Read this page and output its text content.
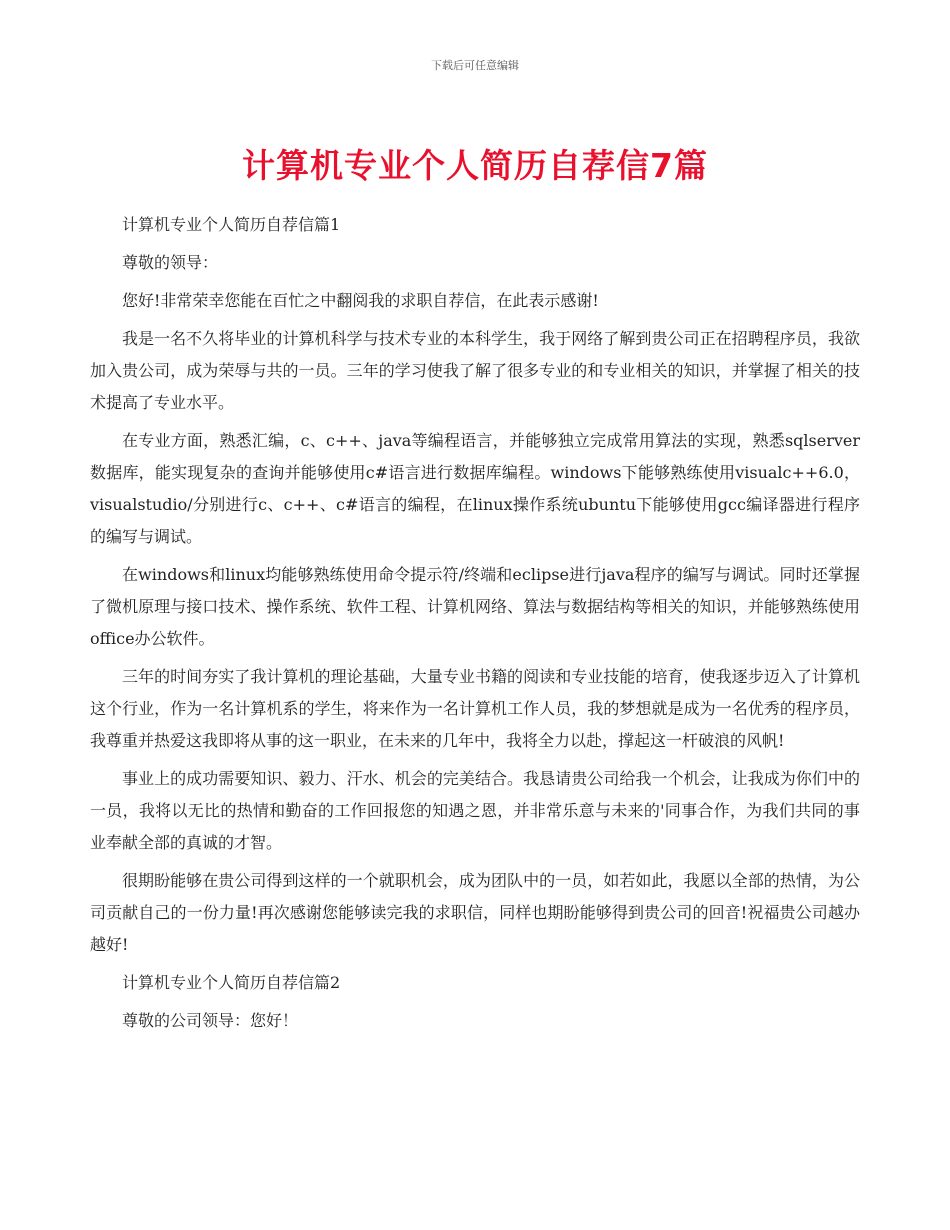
下载后可任意编辑
计算机专业个人简历自荐信7篇

计算机专业个人简历自荐信篇1

尊敬的领导：

您好!非常荣幸您能在百忙之中翻阅我的求职自荐信，在此表示感谢!

我是一名不久将毕业的计算机科学与技术专业的本科学生，我于网络了解到贵公司正在招聘程序员，我欲加入贵公司，成为荣辱与共的一员。三年的学习使我了解了很多专业的和专业相关的知识，并掌握了相关的技术提高了专业水平。

在专业方面，熟悉汇编，c、c++、java等编程语言，并能够独立完成常用算法的实现，熟悉sqlserver数据库，能实现复杂的查询并能够使用c#语言进行数据库编程。windows下能够熟练使用visualc++6.0，visualstudio/分别进行c、c++、c#语言的编程，在linux操作系统ubuntu下能够使用gcc编译器进行程序的编写与调试。

在windows和linux均能够熟练使用命令提示符/终端和eclipse进行java程序的编写与调试。同时还掌握了微机原理与接口技术、操作系统、软件工程、计算机网络、算法与数据结构等相关的知识，并能够熟练使用office办公软件。

三年的时间夯实了我计算机的理论基础，大量专业书籍的阅读和专业技能的培育，使我逐步迈入了计算机这个行业，作为一名计算机系的学生，将来作为一名计算机工作人员，我的梦想就是成为一名优秀的程序员，我尊重并热爱这我即将从事的这一职业，在未来的几年中，我将全力以赴，撑起这一杆破浪的风帆!

事业上的成功需要知识、毅力、汗水、机会的完美结合。我恳请贵公司给我一个机会，让我成为你们中的一员，我将以无比的热情和勤奋的工作回报您的知遇之恩，并非常乐意与未来的'同事合作，为我们共同的事业奉献全部的真诚的才智。

很期盼能够在贵公司得到这样的一个就职机会，成为团队中的一员，如若如此，我愿以全部的热情，为公司贡献自己的一份力量!再次感谢您能够读完我的求职信，同样也期盼能够得到贵公司的回音!祝福贵公司越办越好!

计算机专业个人简历自荐信篇2

尊敬的公司领导：您好！
